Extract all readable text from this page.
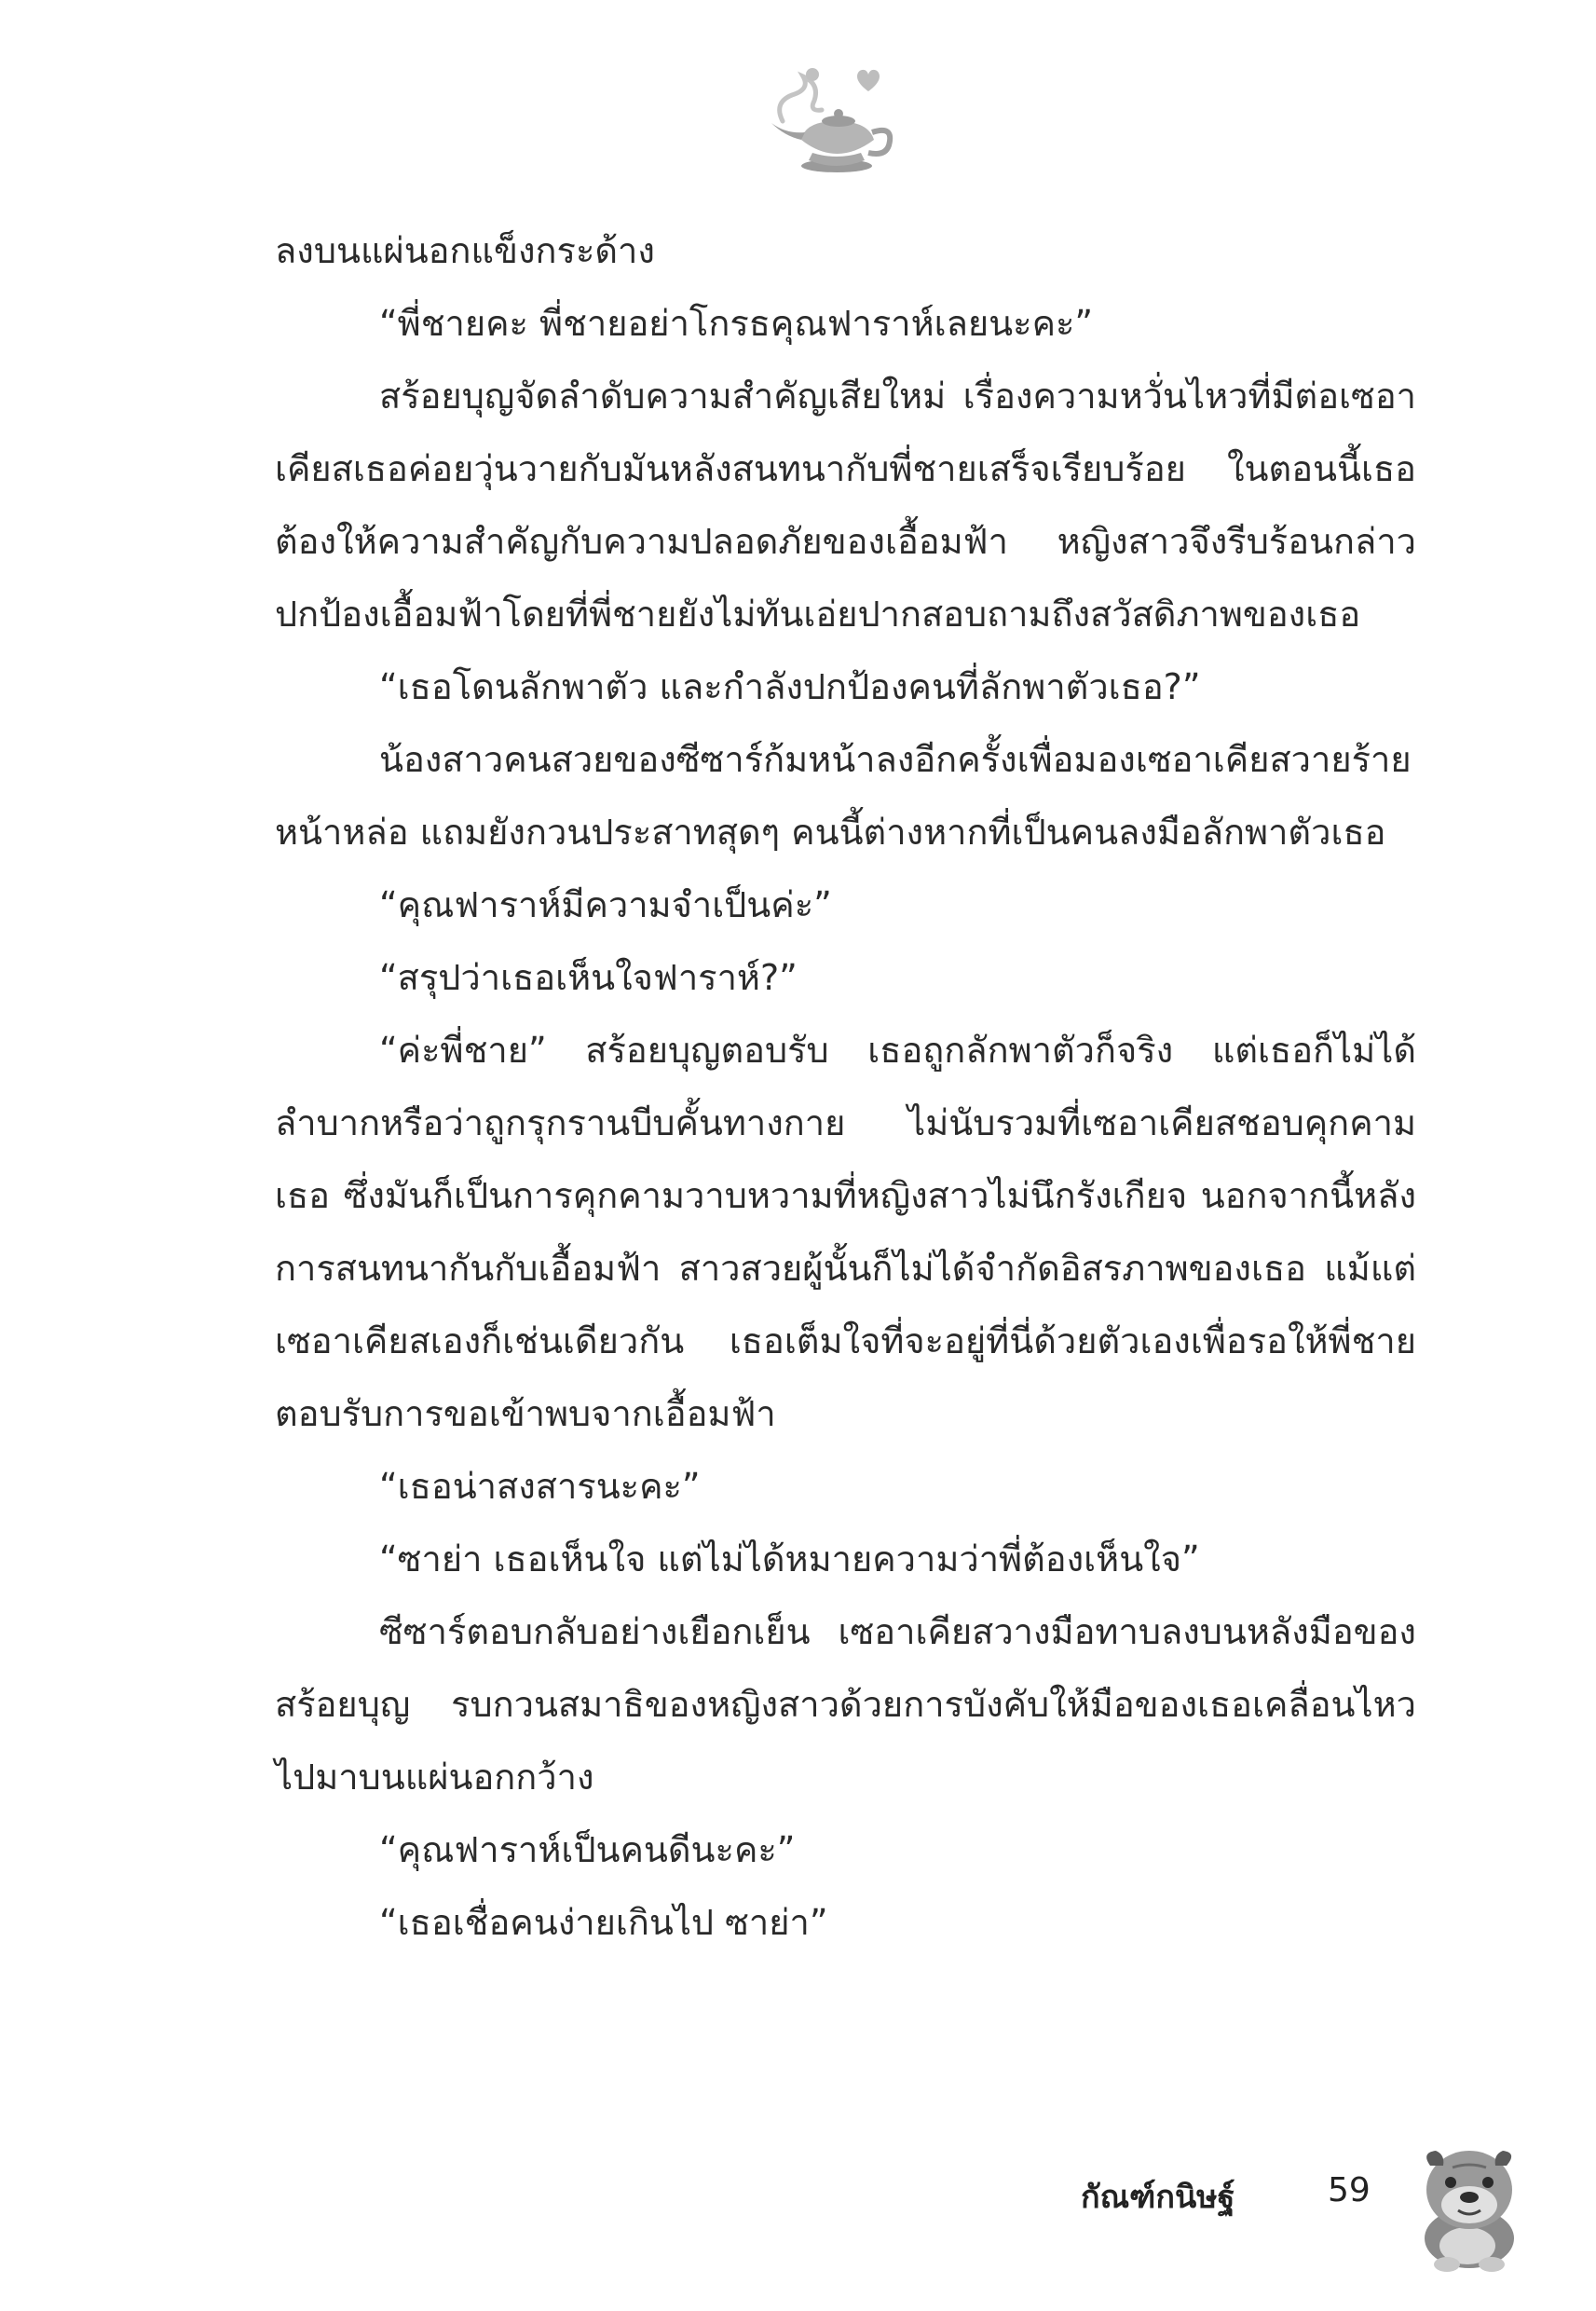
ลงบนแผ่นอกแข็งกระด้าง

“พี่ชายคะ พี่ชายอย่าโกรธคุณฟาราห์เลยนะคะ”

สร้อยบุญจัดลำดับความสำคัญเสียใหม่ เรื่องความหวั่นไหวที่มีต่อเซอาเคียสเธอค่อยวุ่นวายกับมันหลังสนทนากับพี่ชายเสร็จเรียบร้อย ในตอนนี้เธอต้องให้ความสำคัญกับความปลอดภัยของเอื้อมฟ้า หญิงสาวจึงรีบร้อนกล่าวปกป้องเอื้อมฟ้าโดยที่พี่ชายยังไม่ทันเอ่ยปากสอบถามถึงสวัสดิภาพของเธอ

“เธอโดนลักพาตัว และกำลังปกป้องคนที่ลักพาตัวเธอ?”

น้องสาวคนสวยของซีซาร์ก้มหน้าลงอีกครั้งเพื่อมองเซอาเคียสวายร้ายหน้าหล่อ แถมยังกวนประสาทสุดๆ คนนี้ต่างหากที่เป็นคนลงมือลักพาตัวเธอ

“คุณฟาราห์มีความจำเป็นค่ะ”

“สรุปว่าเธอเห็นใจฟาราห์?”

“ค่ะพี่ชาย” สร้อยบุญตอบรับ เธอถูกลักพาตัวก็จริง แต่เธอก็ไม่ได้ลำบากหรือว่าถูกรุกรานบีบคั้นทางกาย ไม่นับรวมที่เซอาเคียสชอบคุกคามเธอ ซึ่งมันก็เป็นการคุกคามวาบหวามที่หญิงสาวไม่นึกรังเกียจ นอกจากนี้หลังการสนทนากันกับเอื้อมฟ้า สาวสวยผู้นั้นก็ไม่ได้จำกัดอิสรภาพของเธอ แม้แต่เซอาเคียสเองก็เช่นเดียวกัน เธอเต็มใจที่จะอยู่ที่นี่ด้วยตัวเองเพื่อรอให้พี่ชายตอบรับการขอเข้าพบจากเอื้อมฟ้า

“เธอน่าสงสารนะคะ”

“ซาย่า เธอเห็นใจ แต่ไม่ได้หมายความว่าพี่ต้องเห็นใจ”

ซีซาร์ตอบกลับอย่างเยือกเย็น เซอาเคียสวางมือทาบลงบนหลังมือของสร้อยบุญ รบกวนสมาธิของหญิงสาวด้วยการบังคับให้มือของเธอเคลื่อนไหวไปมาบนแผ่นอกกว้าง

“คุณฟาราห์เป็นคนดีนะคะ”

“เธอเชื่อคนง่ายเกินไป ซาย่า”

กัณฑ์กนิษฐ์	59
